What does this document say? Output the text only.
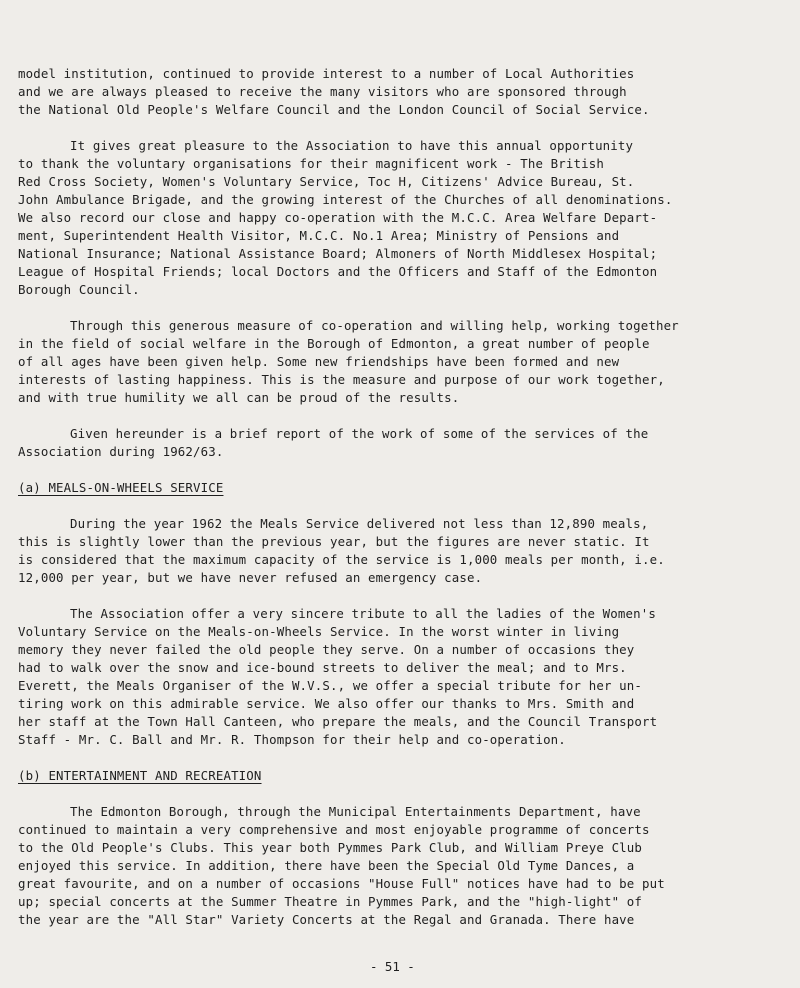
model institution, continued to provide interest to a number of Local Authorities
and we are always pleased to receive the many visitors who are sponsored through
the National Old People's Welfare Council and the London Council of Social Service.
It gives great pleasure to the Association to have this annual opportunity
to thank the voluntary organisations for their magnificent work - The British
Red Cross Society, Women's Voluntary Service, Toc H, Citizens' Advice Bureau, St.
John Ambulance Brigade, and the growing interest of the Churches of all denominations.
We also record our close and happy co-operation with the M.C.C. Area Welfare Depart-
ment, Superintendent Health Visitor, M.C.C. No.1 Area; Ministry of Pensions and
National Insurance; National Assistance Board; Almoners of North Middlesex Hospital;
League of Hospital Friends; local Doctors and the Officers and Staff of the Edmonton
Borough Council.
Through this generous measure of co-operation and willing help, working together
in the field of social welfare in the Borough of Edmonton, a great number of people
of all ages have been given help. Some new friendships have been formed and new
interests of lasting happiness. This is the measure and purpose of our work together,
and with true humility we all can be proud of the results.
Given hereunder is a brief report of the work of some of the services of the
Association during 1962/63.
(a) MEALS-ON-WHEELS SERVICE
During the year 1962 the Meals Service delivered not less than 12,890 meals,
this is slightly lower than the previous year, but the figures are never static. It
is considered that the maximum capacity of the service is 1,000 meals per month, i.e.
12,000 per year, but we have never refused an emergency case.
The Association offer a very sincere tribute to all the ladies of the Women's
Voluntary Service on the Meals-on-Wheels Service. In the worst winter in living
memory they never failed the old people they serve. On a number of occasions they
had to walk over the snow and ice-bound streets to deliver the meal; and to Mrs.
Everett, the Meals Organiser of the W.V.S., we offer a special tribute for her un-
tiring work on this admirable service. We also offer our thanks to Mrs. Smith and
her staff at the Town Hall Canteen, who prepare the meals, and the Council Transport
Staff - Mr. C. Ball and Mr. R. Thompson for their help and co-operation.
(b) ENTERTAINMENT AND RECREATION
The Edmonton Borough, through the Municipal Entertainments Department, have
continued to maintain a very comprehensive and most enjoyable programme of concerts
to the Old People's Clubs. This year both Pymmes Park Club, and William Preye Club
enjoyed this service. In addition, there have been the Special Old Tyme Dances, a
great favourite, and on a number of occasions "House Full" notices have had to be put
up; special concerts at the Summer Theatre in Pymmes Park, and the "high-light" of
the year are the "All Star" Variety Concerts at the Regal and Granada. There have
- 51 -
